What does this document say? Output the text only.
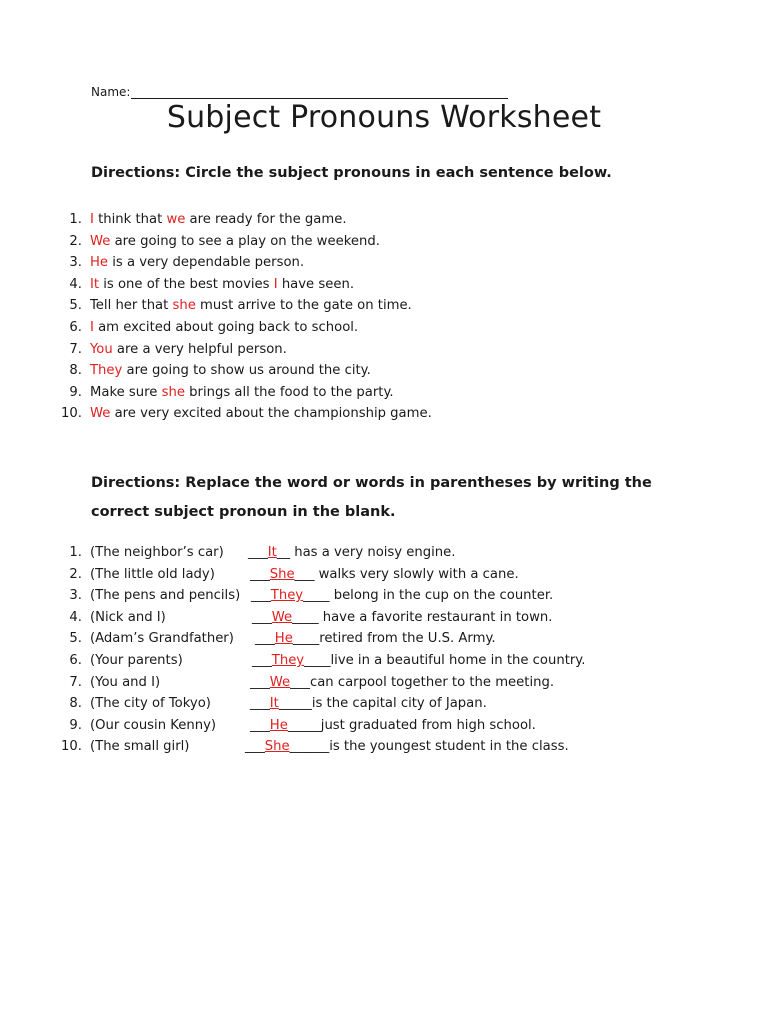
Name:
Subject Pronouns Worksheet

Directions: Circle the subject pronouns in each sentence below.

1. I think that we are ready for the game.
2. We are going to see a play on the weekend.
3. He is a very dependable person.
4. It is one of the best movies I have seen.
5. Tell her that she must arrive to the gate on time.
6. I am excited about going back to school.
7. You are a very helpful person.
8. They are going to show us around the city.
9. Make sure she brings all the food to the party.
10. We are very excited about the championship game.
Directions: Replace the word or words in parentheses by writing the
correct subject pronoun in the blank.
1. (The neighbor’s car) ___It__ has a very noisy engine.
2. (The little old lady)	___She___ walks very slowly with a cane.
3. (The pens and pencils) ___They____ belong in the cup on the counter.
4. (Nick and I)	___We____ have a favorite restaurant in town.
5. (Adam’s Grandfather) ___He____retired from the U.S. Army.
6. (Your parents)	___They____live in a beautiful home in the country.
7. (You and I)	___We___can carpool together to the meeting.
8. (The city of Tokyo)	___It_____is the capital city of Japan.
9. (Our cousin Kenny)	___He_____just graduated from high school.
10. (The small girl)	___She______is the youngest student in the class.
